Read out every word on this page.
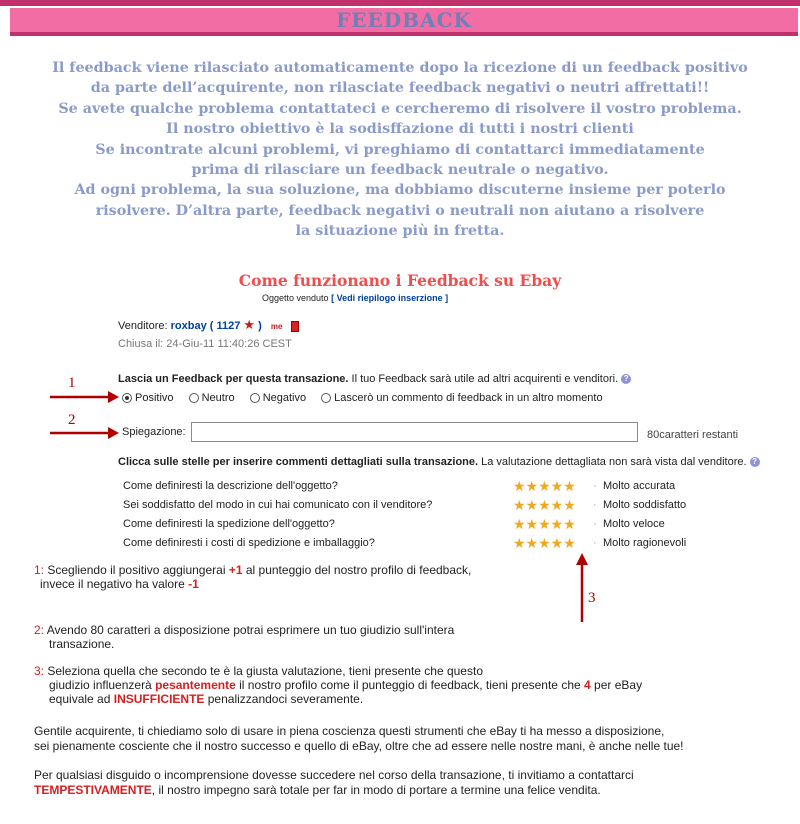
FEEDBACK
Il feedback viene rilasciato automaticamente dopo la ricezione di un feedback positivo
da parte dell’acquirente, non rilasciate feedback negativi o neutri affrettati!!
Se avete qualche problema contattateci e cercheremo di risolvere il vostro problema.
Il nostro obiettivo è la sodisffazione di tutti i nostri clienti
Se incontrate alcuni problemi, vi preghiamo di contattarci immediatamente
prima di rilasciare un feedback neutrale o negativo.
Ad ogni problema, la sua soluzione, ma dobbiamo discuterne insieme per poterlo
risolvere. D’altra parte, feedback negativi o neutrali non aiutano a risolvere
la situazione più in fretta.
Come funzionano i Feedback su Ebay
Oggetto venduto [ Vedi riepilogo inserzione ]
Venditore: roxbay ( 1127 ★ ) me
Chiusa il: 24-Giu-11 11:40:26 CEST
Lascia un Feedback per questa transazione. Il tuo Feedback sarà utile ad altri acquirenti e venditori. ?
Positivo	Neutro	Negativo	Lascerò un commento di feedback in un altro momento
Spiegazione:	80caratteri restanti
Clicca sulle stelle per inserire commenti dettagliati sulla transazione. La valutazione dettagliata non sarà vista dal venditore. ?
Come definiresti la descrizione dell'oggetto?	★★★★★ · Molto accurata
Sei soddisfatto del modo in cui hai comunicato con il venditore?	★★★★★ · Molto soddisfatto
Come definiresti la spedizione dell'oggetto?	★★★★★ · Molto veloce
Come definiresti i costi di spedizione e imballaggio?	★★★★★ · Molto ragionevoli
1
2
3
1: Scegliendo il positivo aggiungerai +1 al punteggio del nostro profilo di feedback,
invece il negativo ha valore -1
2: Avendo 80 caratteri a disposizione potrai esprimere un tuo giudizio sull'intera
transazione.
3: Seleziona quella che secondo te è la giusta valutazione, tieni presente che questo
giudizio influenzerà pesantemente il nostro profilo come il punteggio di feedback, tieni presente che 4 per eBay
equivale ad INSUFFICIENTE penalizzandoci severamente.
Gentile acquirente, ti chiediamo solo di usare in piena coscienza questi strumenti che eBay ti ha messo a disposizione,
sei pienamente cosciente che il nostro successo e quello di eBay, oltre che ad essere nelle nostre mani, è anche nelle tue!
Per qualsiasi disguido o incomprensione dovesse succedere nel corso della transazione, ti invitiamo a contattarci
TEMPESTIVAMENTE, il nostro impegno sarà totale per far in modo di portare a termine una felice vendita.
